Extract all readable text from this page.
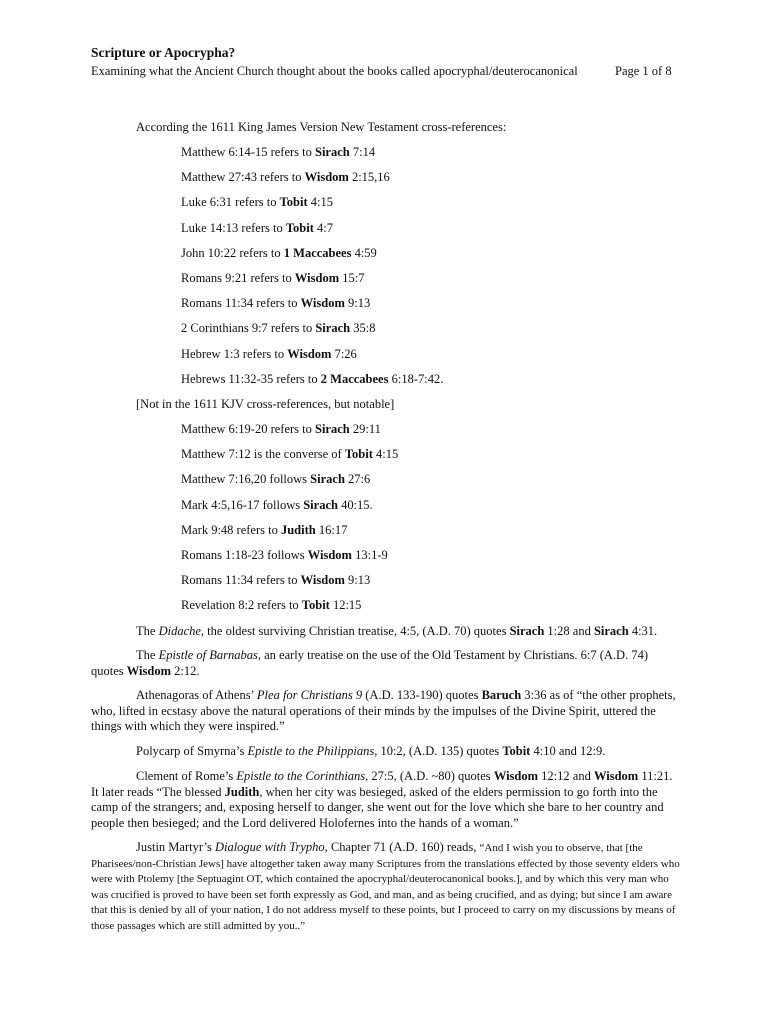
Scripture or Apocrypha?
Examining what the Ancient Church thought about the books called apocryphal/deuterocanonical	Page 1 of 8
According the 1611 King James Version New Testament cross-references:
Matthew 6:14-15 refers to Sirach 7:14
Matthew 27:43 refers to Wisdom 2:15,16
Luke 6:31 refers to Tobit 4:15
Luke 14:13 refers to Tobit 4:7
John 10:22 refers to 1 Maccabees 4:59
Romans 9:21 refers to Wisdom 15:7
Romans 11:34 refers to Wisdom 9:13
2 Corinthians 9:7 refers to Sirach 35:8
Hebrew 1:3 refers to Wisdom 7:26
Hebrews 11:32-35 refers to 2 Maccabees 6:18-7:42.
[Not in the 1611 KJV cross-references, but notable]
Matthew 6:19-20 refers to Sirach 29:11
Matthew 7:12 is the converse of Tobit 4:15
Matthew 7:16,20 follows Sirach 27:6
Mark 4:5,16-17 follows Sirach 40:15.
Mark 9:48 refers to Judith 16:17
Romans 1:18-23 follows Wisdom 13:1-9
Romans 11:34 refers to Wisdom 9:13
Revelation 8:2 refers to Tobit 12:15
The Didache, the oldest surviving Christian treatise, 4:5, (A.D. 70) quotes Sirach 1:28 and Sirach 4:31.
The Epistle of Barnabas, an early treatise on the use of the Old Testament by Christians. 6:7 (A.D. 74) quotes Wisdom 2:12.
Athenagoras of Athens’ Plea for Christians 9 (A.D. 133-190) quotes Baruch 3:36 as of “the other prophets, who, lifted in ecstasy above the natural operations of their minds by the impulses of the Divine Spirit, uttered the things with which they were inspired.”
Polycarp of Smyrna’s Epistle to the Philippians, 10:2, (A.D. 135) quotes Tobit 4:10 and 12:9.
Clement of Rome’s Epistle to the Corinthians, 27:5, (A.D. ~80) quotes Wisdom 12:12 and Wisdom 11:21. It later reads “The blessed Judith, when her city was besieged, asked of the elders permission to go forth into the camp of the strangers; and, exposing herself to danger, she went out for the love which she bare to her country and people then besieged; and the Lord delivered Holofernes into the hands of a woman.”
Justin Martyr’s Dialogue with Trypho, Chapter 71 (A.D. 160) reads, “And I wish you to observe, that [the Pharisees/non-Christian Jews] have altogether taken away many Scriptures from the translations effected by those seventy elders who were with Ptolemy [the Septuagint OT, which contained the apocryphal/deuterocanonical books.], and by which this very man who was crucified is proved to have been set forth expressly as God, and man, and as being crucified, and as dying; but since I am aware that this is denied by all of your nation, I do not address myself to these points, but I proceed to carry on my discussions by means of those passages which are still admitted by you..”
